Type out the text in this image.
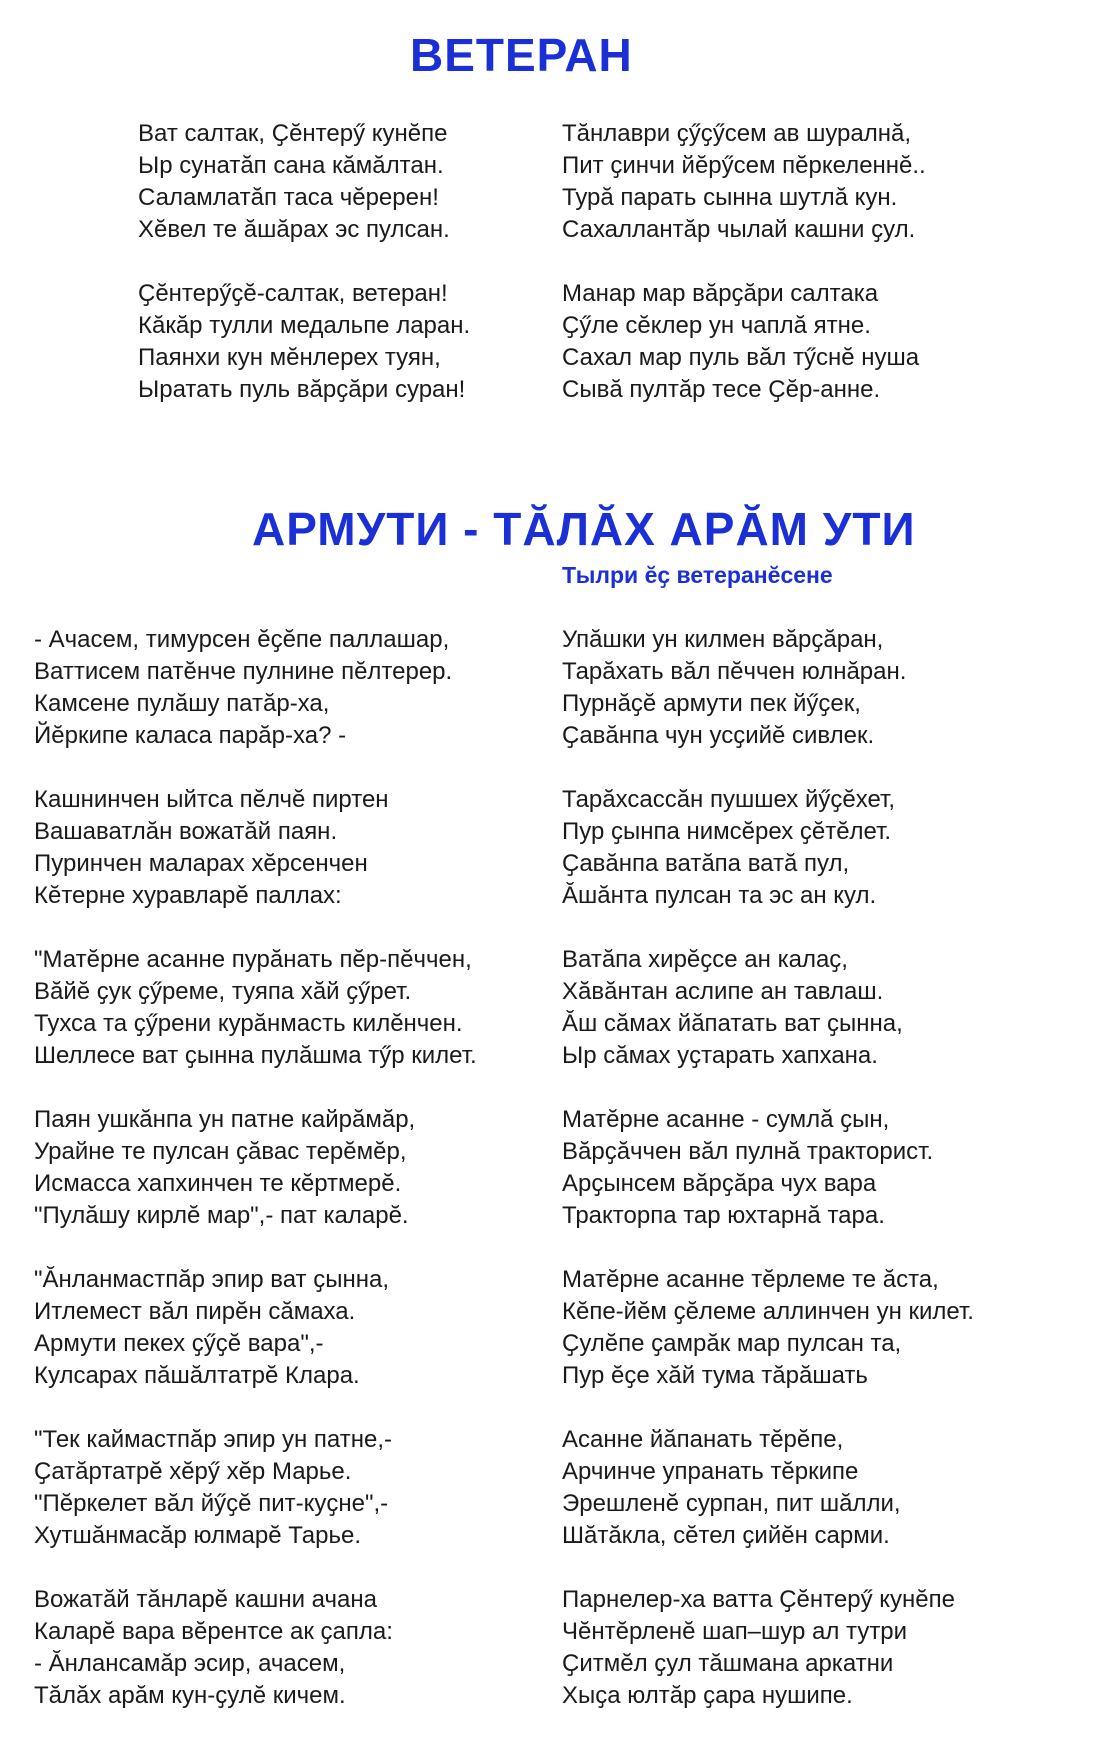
ВЕТЕРАН
Ват салтак, Ҫӗнтерӳ кунӗпе
Ыр сунатӑп сана кӑмӑлтан.
Саламлатӑп таса чӗререн!
Хӗвел те ӑшӑрах эс пулсан.
Ҫӗнтерӳҫӗ-салтак, ветеран!
Кӑкӑр тулли медальпе ларан.
Паянхи кун мӗнлерех туян,
Ыратать пуль вӑрҫӑри суран!
Тӑнлаври ҫӳҫӳсем ав шуралнӑ,
Пит ҫинчи йӗрӳсем пӗркеленнӗ..
Турӑ парать сынна шутлӑ кун.
Сахаллантӑр чылай кашни ҫул.
Манар мар вӑрҫӑри салтака
Ҫӳле сӗклер ун чаплӑ ятне.
Сахал мар пуль вӑл тӳснӗ нуша
Сывӑ пултӑр тесе Ҫӗр-анне.
АРМУТИ - ТӐЛӐХ АРӐМ УТИ

Тылри ӗҫ ветеранӗсене

- Ачасем, тимурсен ӗҫӗпе паллашар,
Ваттисем патӗнче пулнине пӗлтерер.
Камсене пулӑшу патӑр-ха,
Йӗркипе каласа парӑр-ха? -
Кашнинчен ыйтса пӗлчӗ пиртен
Вашаватлӑн вожатӑй паян.
Пуринчен маларах хӗрсенчен
Кӗтерне хуравларӗ паллах:
"Матӗрне асанне пурӑнать пӗр-пӗччен,
Вӑйӗ ҫук ҫӳреме, туяпа хӑй ҫӳрет.
Тухса та ҫӳрени курӑнмасть килӗнчен.
Шеллесе ват ҫынна пулӑшма тӳр килет.
Паян ушкӑнпа ун патне кайрӑмӑр,
Урайне те пулсан ҫӑвас терӗмӗр,
Исмасса хапхинчен те кӗртмерӗ.
"Пулӑшу кирлӗ мар",- пат каларӗ.
"Ӑнланмастпӑр эпир ват ҫынна,
Итлемест вӑл пирӗн сӑмаха.
Армути пекех ҫӳҫӗ вара",-
Кулсарах пӑшӑлтатрӗ Клара.
"Тек каймастпӑр эпир ун патне,-
Ҫатӑртатрӗ хӗрӳ хӗр Марье.
"Пӗркелет вӑл йӳҫӗ пит-куҫне",-
Хутшӑнмасӑр юлмарӗ Тарье.
Вожатӑй тӑнларӗ кашни ачана
Каларӗ вара вӗрентсе ак ҫапла:
- Ӑнлансамӑр эсир, ачасем,
Тӑлӑх арӑм кун-ҫулӗ кичем.
Упӑшки ун килмен вӑрҫӑран,
Тарӑхать вӑл пӗччен юлнӑран.
Пурнӑҫӗ армути пек йӳҫек,
Ҫавӑнпа чун усҫийӗ сивлек.
Тарӑхсассӑн пушшех йӳҫӗхет,
Пур ҫынпа нимсӗрех ҫӗтӗлет.
Ҫавӑнпа ватӑпа ватӑ пул,
Ӑшӑнта пулсан та эс ан кул.
Ватӑпа хирӗҫсе ан калаҫ,
Хӑвӑнтан аслипе ан тавлаш.
Ӑш сӑмах йӑпатать ват ҫынна,
Ыр сӑмах уҫтарать хапхана.
Матӗрне асанне - сумлӑ ҫын,
Вӑрҫӑччен вӑл пулнӑ тракторист.
Арҫынсем вӑрҫӑра чух вара
Тракторпа тар юхтарнӑ тара.
Матӗрне асанне тӗрлеме те ӑста,
Кӗпе-йӗм ҫӗлеме аллинчен ун килет.
Ҫулӗпе ҫамрӑк мар пулсан та,
Пур ӗҫе хӑй тума тӑрӑшать
Асанне йӑпанать тӗрӗпе,
Арчинче упранать тӗркипе
Эрешленӗ сурпан, пит шӑлли,
Шӑтӑкла, сӗтел ҫийӗн сарми.
Парнелер-ха ватта Ҫӗнтерӳ кунӗпе
Чӗнтӗрленӗ шап–шур ал тутри
Ҫитмӗл ҫул тӑшмана аркатни
Хыҫа юлтӑр ҫара нушипе.
